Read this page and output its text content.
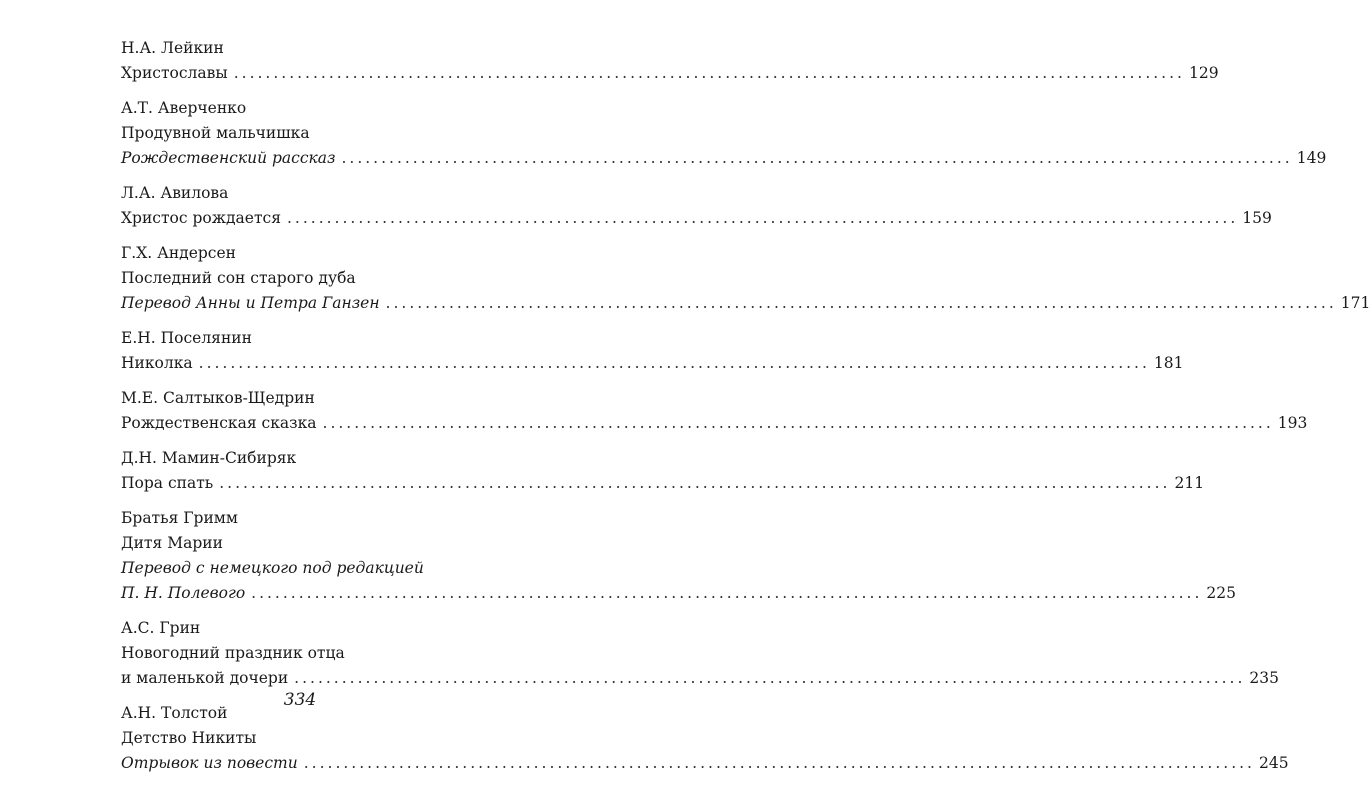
Н.А. Лейкин
Христославы ........................................................................................................................ 129
А.Т. Аверченко
Продувной мальчишка
Рождественский рассказ ........................................................................................................................ 149
Л.А. Авилова
Христос рождается ........................................................................................................................ 159
Г.Х. Андерсен
Последний сон старого дуба
Перевод Анны и Петра Ганзен ........................................................................................................................ 171
Е.Н. Поселянин
Николка ........................................................................................................................ 181
М.Е. Салтыков-Щедрин
Рождественская сказка ........................................................................................................................ 193
Д.Н. Мамин-Сибиряк
Пора спать ........................................................................................................................ 211
Братья Гримм
Дитя Марии
Перевод с немецкого под редакцией
П. Н. Полевого ........................................................................................................................ 225
А.С. Грин
Новогодний праздник отца
и маленькой дочери ........................................................................................................................ 235
А.Н. Толстой
Детство Никиты
Отрывок из повести ........................................................................................................................ 245
334
